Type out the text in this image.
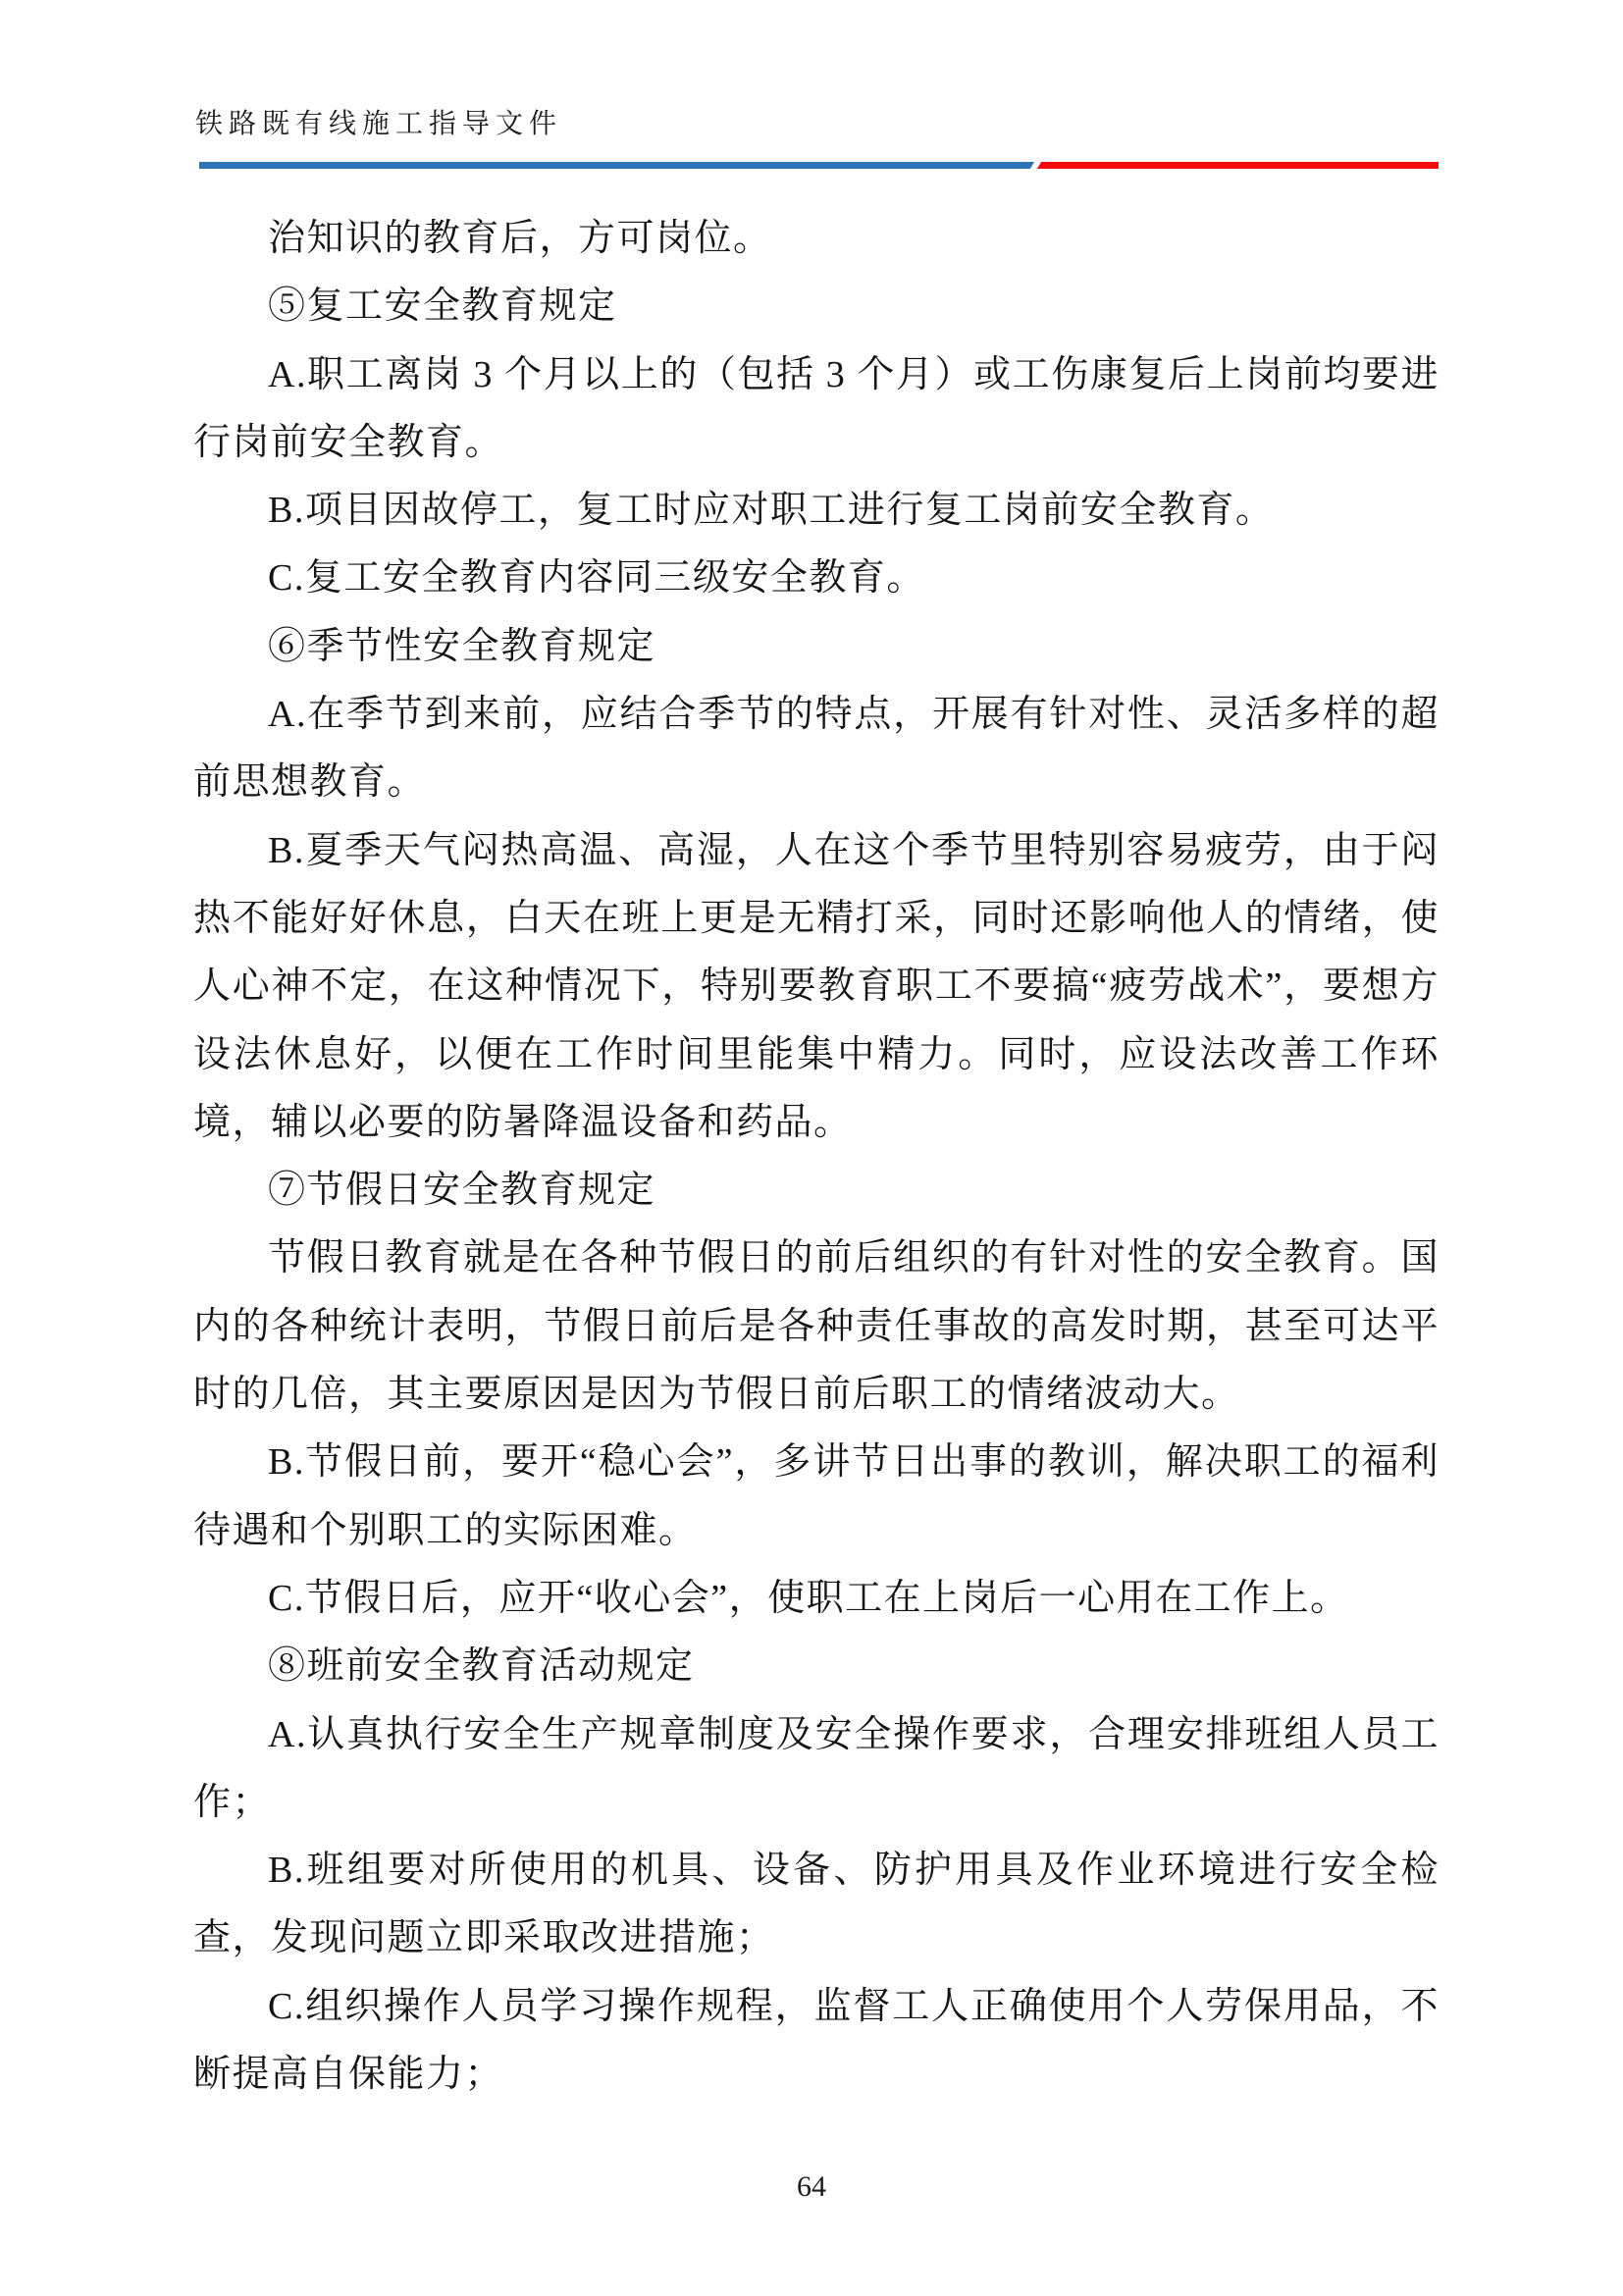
铁路既有线施工指导文件

治知识的教育后，方可岗位。

⑤复工安全教育规定

A.职工离岗 3 个月以上的（包括 3 个月）或工伤康复后上岗前均要进行岗前安全教育。

B.项目因故停工，复工时应对职工进行复工岗前安全教育。

C.复工安全教育内容同三级安全教育。

⑥季节性安全教育规定

A.在季节到来前，应结合季节的特点，开展有针对性、灵活多样的超前思想教育。

B.夏季天气闷热高温、高湿，人在这个季节里特别容易疲劳，由于闷热不能好好休息，白天在班上更是无精打采，同时还影响他人的情绪，使人心神不定，在这种情况下，特别要教育职工不要搞“疲劳战术”，要想方设法休息好，以便在工作时间里能集中精力。同时，应设法改善工作环境，辅以必要的防暑降温设备和药品。

⑦节假日安全教育规定

节假日教育就是在各种节假日的前后组织的有针对性的安全教育。国内的各种统计表明，节假日前后是各种责任事故的高发时期，甚至可达平时的几倍，其主要原因是因为节假日前后职工的情绪波动大。

B.节假日前，要开“稳心会”，多讲节日出事的教训，解决职工的福利待遇和个别职工的实际困难。

C.节假日后，应开“收心会”，使职工在上岗后一心用在工作上。

⑧班前安全教育活动规定

A.认真执行安全生产规章制度及安全操作要求，合理安排班组人员工作；

B.班组要对所使用的机具、设备、防护用具及作业环境进行安全检查，发现问题立即采取改进措施；

C.组织操作人员学习操作规程，监督工人正确使用个人劳保用品，不断提高自保能力；

64
